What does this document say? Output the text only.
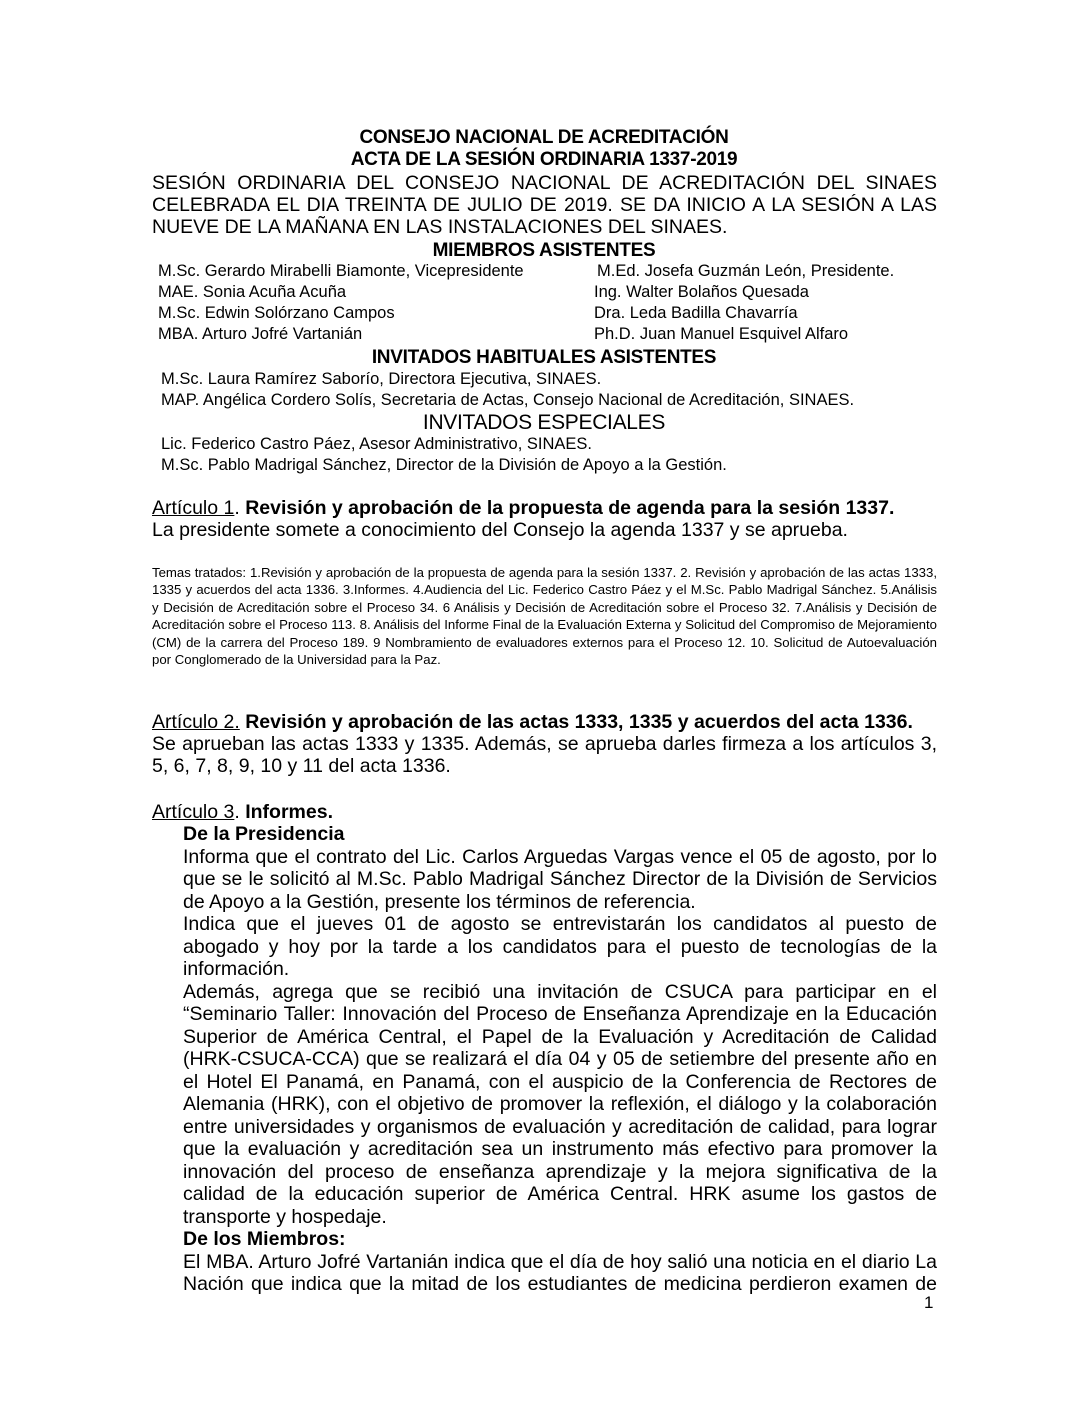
CONSEJO NACIONAL DE ACREDITACIÓN
ACTA DE LA SESIÓN ORDINARIA 1337-2019
SESIÓN ORDINARIA DEL CONSEJO NACIONAL DE ACREDITACIÓN DEL SINAES CELEBRADA EL DIA TREINTA DE JULIO DE 2019. SE DA INICIO A LA SESIÓN A LAS NUEVE DE LA MAÑANA EN LAS INSTALACIONES DEL SINAES.
MIEMBROS ASISTENTES
M.Sc. Gerardo Mirabelli Biamonte, Vicepresidente
MAE. Sonia Acuña Acuña
M.Sc. Edwin Solórzano Campos
MBA. Arturo Jofré Vartanián
M.Ed. Josefa Guzmán León, Presidente.
Ing. Walter Bolaños Quesada
Dra. Leda Badilla Chavarría
Ph.D. Juan Manuel Esquivel Alfaro
INVITADOS HABITUALES ASISTENTES
M.Sc. Laura Ramírez Saborío, Directora Ejecutiva, SINAES.
MAP. Angélica Cordero Solís, Secretaria de Actas, Consejo Nacional de Acreditación, SINAES.
INVITADOS ESPECIALES
Lic. Federico Castro Páez, Asesor Administrativo, SINAES.
M.Sc. Pablo Madrigal Sánchez, Director de la División de Apoyo a la Gestión.
Artículo 1. Revisión y aprobación de la propuesta de agenda para la sesión 1337.
La presidente somete a conocimiento del Consejo la agenda 1337 y se aprueba.
Temas tratados: 1.Revisión y aprobación de la propuesta de agenda para la sesión 1337. 2. Revisión y aprobación de las actas 1333, 1335 y acuerdos del acta 1336. 3.Informes. 4.Audiencia del Lic. Federico Castro Páez y el M.Sc. Pablo Madrigal Sánchez. 5.Análisis y Decisión de Acreditación sobre el Proceso 34. 6 Análisis y Decisión de Acreditación sobre el Proceso 32. 7.Análisis y Decisión de Acreditación sobre el Proceso 113. 8. Análisis del Informe Final de la Evaluación Externa y Solicitud del Compromiso de Mejoramiento (CM) de la carrera del Proceso 189. 9 Nombramiento de evaluadores externos para el Proceso 12. 10. Solicitud de Autoevaluación por Conglomerado de la Universidad para la Paz.
Artículo 2. Revisión y aprobación de las actas 1333, 1335 y acuerdos del acta 1336.
Se aprueban las actas 1333 y 1335. Además, se aprueba darles firmeza a los artículos 3, 5, 6, 7, 8, 9, 10 y 11 del acta 1336.
Artículo 3. Informes.

De la Presidencia

Informa que el contrato del Lic. Carlos Arguedas Vargas vence el 05 de agosto, por lo que se le solicitó al M.Sc. Pablo Madrigal Sánchez Director de la División de Servicios de Apoyo a la Gestión, presente los términos de referencia.

Indica que el jueves 01 de agosto se entrevistarán los candidatos al puesto de abogado y hoy por la tarde a los candidatos para el puesto de tecnologías de la información.

Además, agrega que se recibió una invitación de CSUCA para participar en el “Seminario Taller: Innovación del Proceso de Enseñanza Aprendizaje en la Educación Superior de América Central, el Papel de la Evaluación y Acreditación de Calidad (HRK-CSUCA-CCA) que se realizará el día 04 y 05 de setiembre del presente año en el Hotel El Panamá, en Panamá, con el auspicio de la Conferencia de Rectores de Alemania (HRK), con el objetivo de promover la reflexión, el diálogo y la colaboración entre universidades y organismos de evaluación y acreditación de calidad, para lograr que la evaluación y acreditación sea un instrumento más efectivo para promover la innovación del proceso de enseñanza aprendizaje y la mejora significativa de la calidad de la educación superior de América Central. HRK asume los gastos de transporte y hospedaje.

De los Miembros:

El MBA. Arturo Jofré Vartanián indica que el día de hoy salió una noticia en el diario La Nación que indica que la mitad de los estudiantes de medicina perdieron examen de

1
